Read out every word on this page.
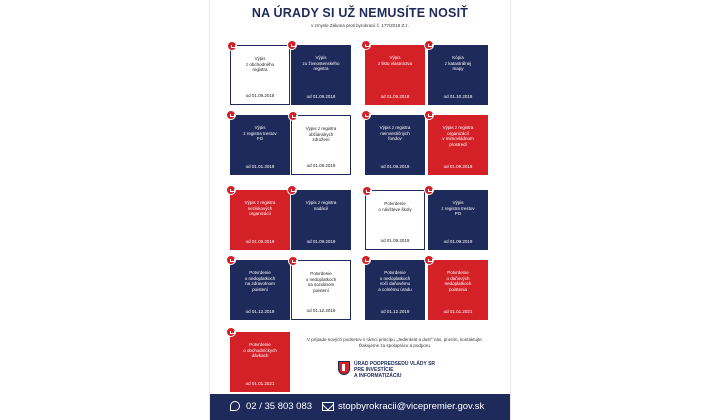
NA ÚRADY SI UŽ NEMUSÍTE NOSIŤ
v zmysle Zákona proti byrokracii č. 177/2018 Z.z.
Výpis
z obchodného
registra
od 01.09.2018
Výpis
zo živnostenského
registra
od 01.09.2018
Výpis
z listu vlastníctva
od 01.09.2018
Kópia
z katastrálnej
mapy
od 01.10.2018
Výpis
z registra trestov
FO
od 01.01.2019
Výpis z registra
občianskych
združení
od 01.09.2019
Výpis z registra
neinvestičných
fondov
od 01.09.2019
Výpis z registra
organizácií
v mimovládnom
prostredí
od 01.09.2019
Výpis z registra
neziskových
organizácií
od 01.09.2019
Výpis z registra
nadácií
od 01.09.2019
Potvrdenie
o návšteve školy
od 01.09.2019
Výpis
z registra trestov
PO
od 01.09.2019
Potvrdenie
o nedoplatkoch
na zdravotnom
poistení
od 01.12.2019
Potvrdenie
o nedoplatkoch
na sociálnom
poistení
od 01.12.2019
Potvrdenie
o nedoplatkoch
voči daňovému
a colnému úradu
od 01.12.2019
Potvrdenie
o daňových
nedoplatkoch
poistenia
od 01.01.2021
Potvrdenie
o obchodníckych
dávkach
od 01.01.2021
V prípade nových podnetov v rámci princípu „Jedenkrát a dosť“ nás, prosím, kontaktujte.
Ďakujeme za spoluprácu a podporu.
ÚRAD PODPREDSEDU VLÁDY SR
PRE INVESTÍCIE
A INFORMATIZÁCIU
02 / 35 803 083	stopbyrokracii@vicepremier.gov.sk
